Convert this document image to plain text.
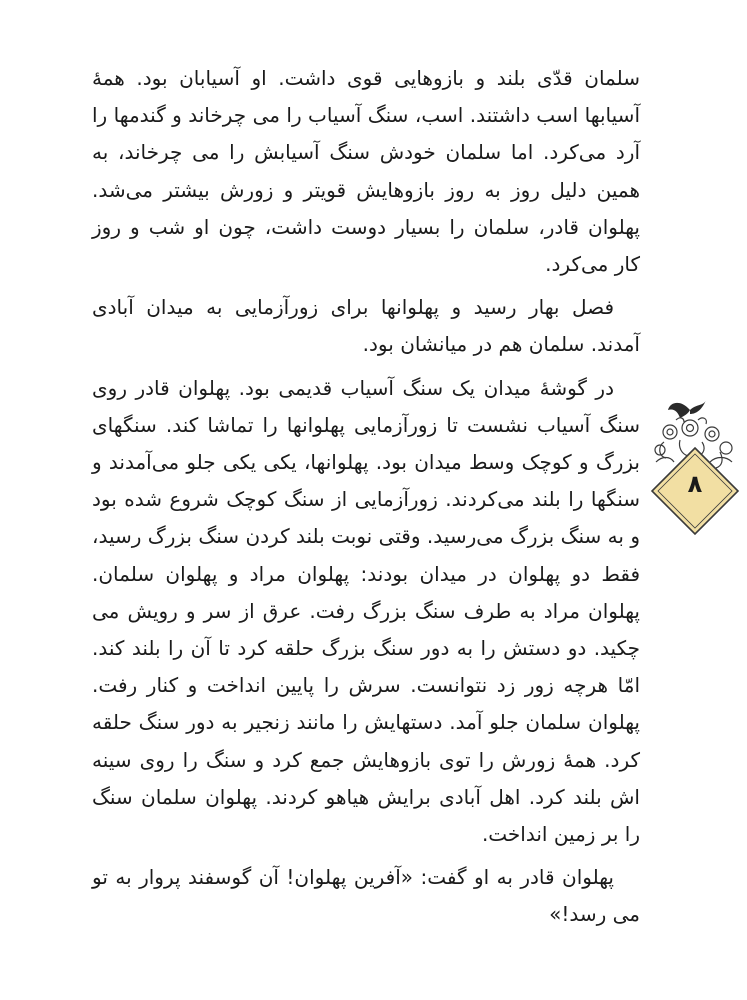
سلمان قدّی بلند و بازوهایی قوی داشت. او آسیابان بود. همهٔ آسیابها اسب داشتند. اسب، سنگ آسیاب را می چرخاند و گندمها را آرد می‌کرد. اما سلمان خودش سنگ آسیابش را می چرخاند، به همین دلیل روز به روز بازوهایش قویتر و زورش بیشتر می‌شد. پهلوان قادر، سلمان را بسیار دوست داشت، چون او شب و روز کار می‌کرد.

فصل بهار رسید و پهلوانها برای زورآزمایی به میدان آبادی آمدند. سلمان هم در میانشان بود.

در گوشهٔ میدان یک سنگ آسیاب قدیمی بود. پهلوان قادر روی سنگ آسیاب نشست تا زورآزمایی پهلوانها را تماشا کند. سنگهای بزرگ و کوچک وسط میدان بود. پهلوانها، یکی یکی جلو می‌آمدند و سنگها را بلند می‌کردند. زورآزمایی از سنگ کوچک شروع شده بود و به سنگ بزرگ می‌رسید. وقتی نوبت بلند کردن سنگ بزرگ رسید، فقط دو پهلوان در میدان بودند: پهلوان مراد و پهلوان سلمان. پهلوان مراد به طرف سنگ بزرگ رفت. عرق از سر و رویش می چکید. دو دستش را به دور سنگ بزرگ حلقه کرد تا آن را بلند کند. امّا هرچه زور زد نتوانست. سرش را پایین انداخت و کنار رفت. پهلوان سلمان جلو آمد. دستهایش را مانند زنجیر به دور سنگ حلقه کرد. همهٔ زورش را توی بازوهایش جمع کرد و سنگ را روی سینه اش بلند کرد. اهل آبادی برایش هیاهو کردند. پهلوان سلمان سنگ را بر زمین انداخت.

پهلوان قادر به او گفت: «آفرین پهلوان! آن گوسفند پروار به تو می رسد!»

۸
